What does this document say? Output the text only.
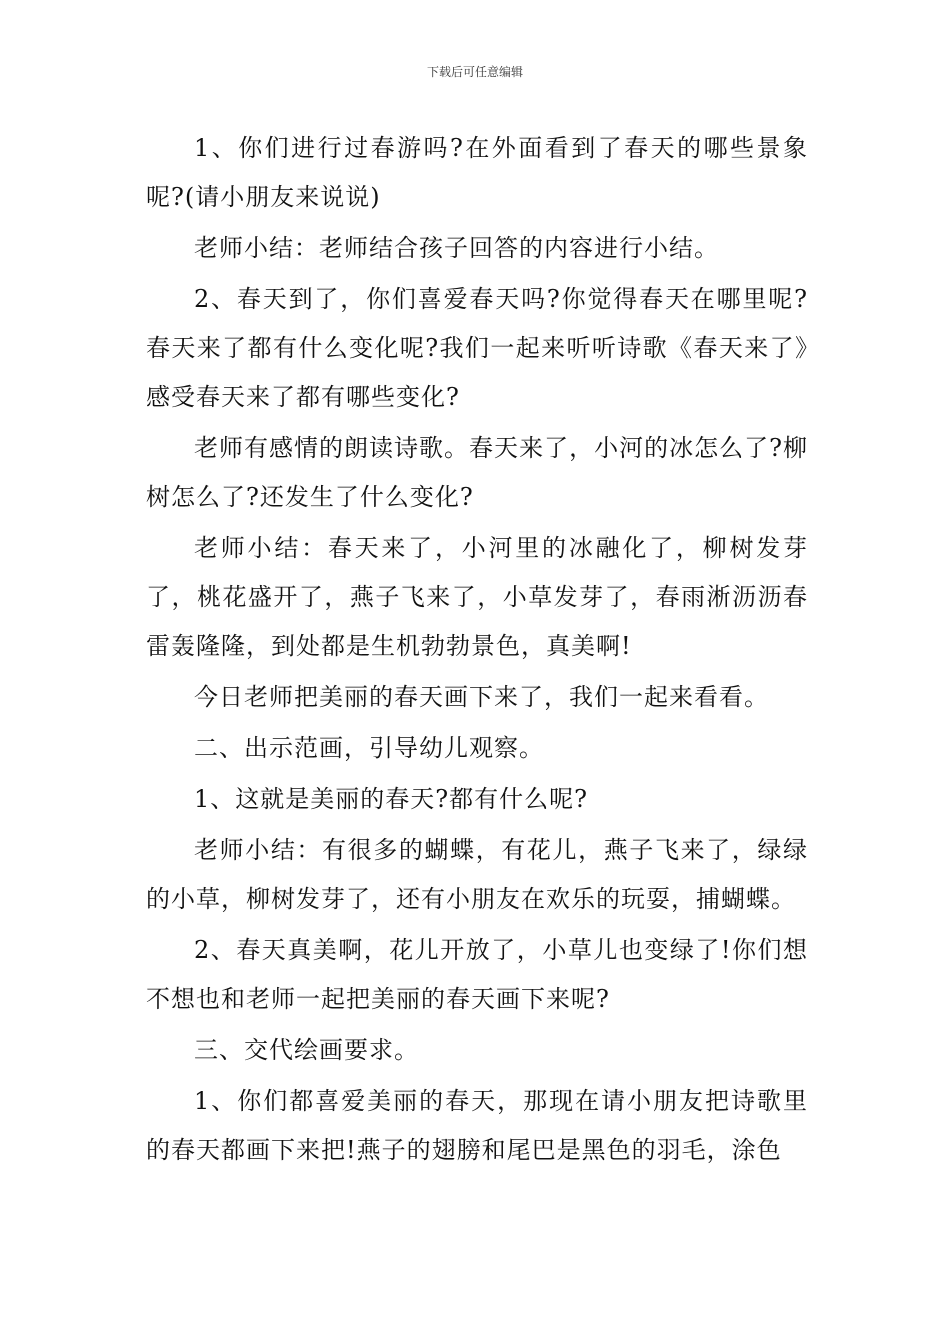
下载后可任意编辑

1、你们进行过春游吗?在外面看到了春天的哪些景象呢?(请小朋友来说说)

老师小结：老师结合孩子回答的内容进行小结。

2、春天到了，你们喜爱春天吗?你觉得春天在哪里呢?春天来了都有什么变化呢?我们一起来听听诗歌《春天来了》感受春天来了都有哪些变化?

老师有感情的朗读诗歌。春天来了，小河的冰怎么了?柳树怎么了?还发生了什么变化?

老师小结：春天来了，小河里的冰融化了，柳树发芽了，桃花盛开了，燕子飞来了，小草发芽了，春雨淅沥沥春雷轰隆隆，到处都是生机勃勃景色，真美啊!

今日老师把美丽的春天画下来了，我们一起来看看。

二、出示范画，引导幼儿观察。

1、这就是美丽的春天?都有什么呢?

老师小结：有很多的蝴蝶，有花儿，燕子飞来了，绿绿的小草，柳树发芽了，还有小朋友在欢乐的玩耍，捕蝴蝶。

2、春天真美啊，花儿开放了，小草儿也变绿了!你们想不想也和老师一起把美丽的春天画下来呢?

三、交代绘画要求。

1、你们都喜爱美丽的春天，那现在请小朋友把诗歌里的春天都画下来把!燕子的翅膀和尾巴是黑色的羽毛，涂色
